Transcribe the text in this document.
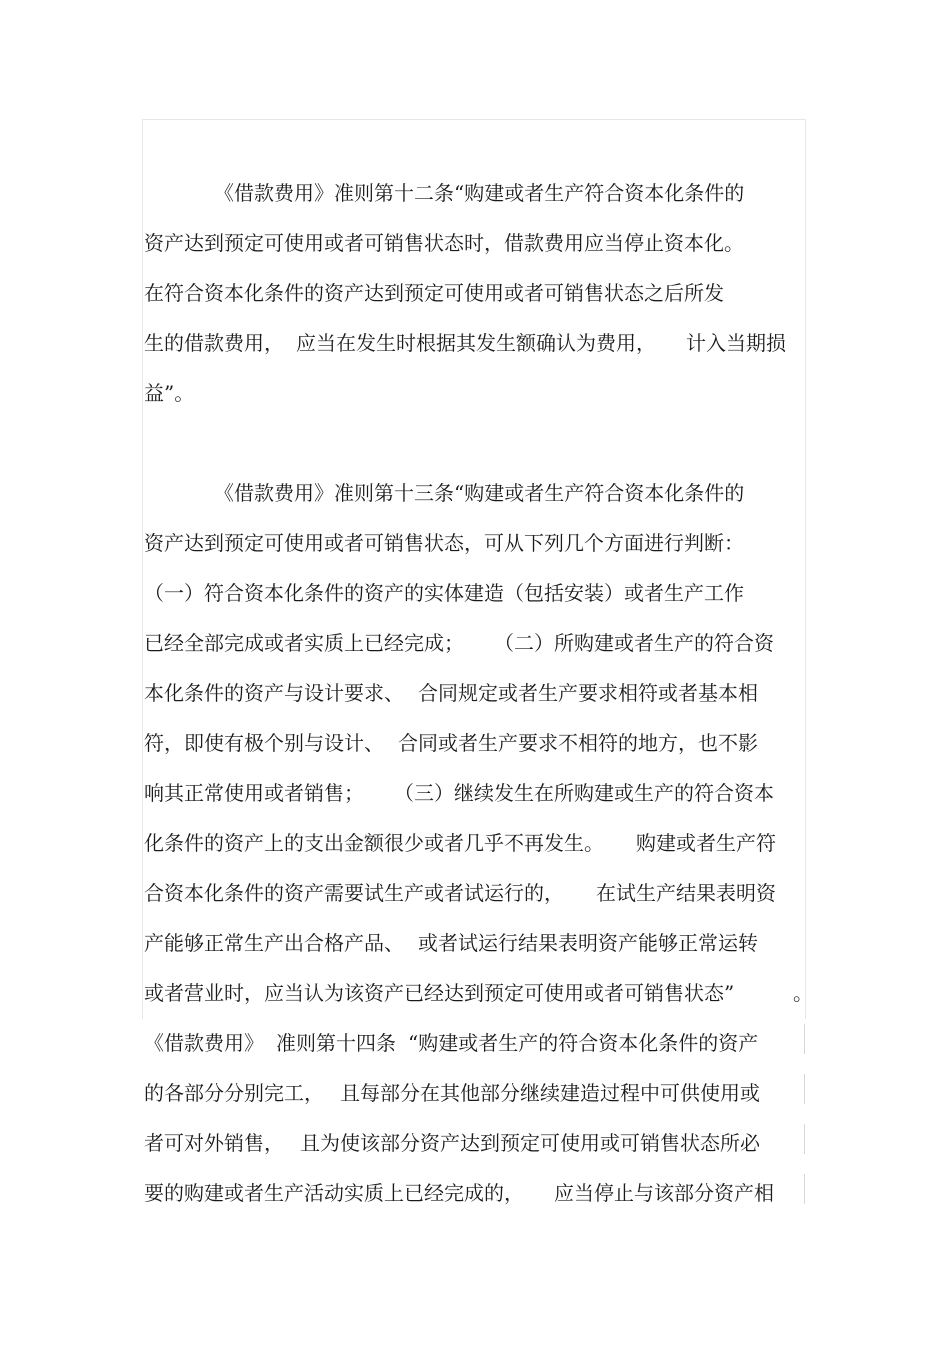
《借款费用》准则第十二条“购建或者生产符合资本化条件的
资产达到预定可使用或者可销售状态时，借款费用应当停止资本化。
在符合资本化条件的资产达到预定可使用或者可销售状态之后所发
生的借款费用， 应当在发生时根据其发生额确认为费用， 计入当期损
益”。
《借款费用》准则第十三条“购建或者生产符合资本化条件的
资产达到预定可使用或者可销售状态，可从下列几个方面进行判断：
（一）符合资本化条件的资产的实体建造（包括安装）或者生产工作
已经全部完成或者实质上已经完成； （二）所购建或者生产的符合资
本化条件的资产与设计要求、 合同规定或者生产要求相符或者基本相
符，即使有极个别与设计、 合同或者生产要求不相符的地方，也不影
响其正常使用或者销售； （三）继续发生在所购建或生产的符合资本
化条件的资产上的支出金额很少或者几乎不再发生。 购建或者生产符
合资本化条件的资产需要试生产或者试运行的， 在试生产结果表明资
产能够正常生产出合格产品、 或者试运行结果表明资产能够正常运转
或者营业时，应当认为该资产已经达到预定可使用或者可销售状态”	。
《借款费用》 准则第十四条 “购建或者生产的符合资本化条件的资产
的各部分分别完工， 且每部分在其他部分继续建造过程中可供使用或
者可对外销售， 且为使该部分资产达到预定可使用或可销售状态所必
要的购建或者生产活动实质上已经完成的， 应当停止与该部分资产相
